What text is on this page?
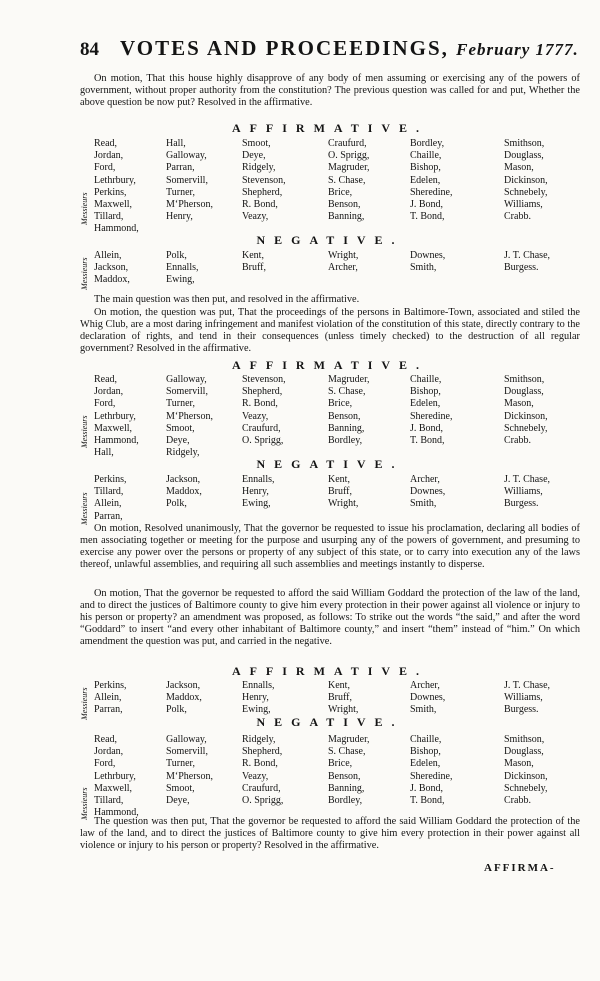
84 VOTES AND PROCEEDINGS, February 1777.

On motion, That this house highly disapprove of any body of men assuming or exercising any of the powers of government, without proper authority from the constitution? The previous question was called for and put, Whether the above question be now put? Resolved in the affirmative.

AFFIRMATIVE.
Messieurs
Read,
Jordan,
Ford,
Lethrbury,
Perkins,
Maxwell,
Tillard,
Hammond,
Hall,
Galloway,
Parran,
Somervill,
Turner,
M‘Pherson,
Henry,
Smoot,
Deye,
Ridgely,
Stevenson,
Shepherd,
R. Bond,
Veazy,
Craufurd,
O. Sprigg,
Magruder,
S. Chase,
Brice,
Benson,
Banning,
Bordley,
Chaille,
Bishop,
Edelen,
Sheredine,
J. Bond,
T. Bond,
Smithson,
Douglass,
Mason,
Dickinson,
Schnebely,
Williams,
Crabb.
NEGATIVE.
Messieurs
Allein,
Jackson,
Maddox,
Polk,
Ennalls,
Ewing,
Kent,
Bruff,
Wright,
Archer,
Downes,
Smith,
J. T. Chase,
Burgess.

The main question was then put, and resolved in the affirmative.

On motion, the question was put, That the proceedings of the persons in Baltimore-Town, associated and stiled the Whig Club, are a most daring infringement and manifest violation of the constitution of this state, directly contrary to the declaration of rights, and tend in their consequences (unless timely checked) to the destruction of all regular government? Resolved in the affirmative.

AFFIRMATIVE.
Messieurs
Read,
Jordan,
Ford,
Lethrbury,
Maxwell,
Hammond,
Hall,
Galloway,
Somervill,
Turner,
M‘Pherson,
Smoot,
Deye,
Ridgely,
Stevenson,
Shepherd,
R. Bond,
Veazy,
Craufurd,
O. Sprigg,
Magruder,
S. Chase,
Brice,
Benson,
Banning,
Bordley,
Chaille,
Bishop,
Edelen,
Sheredine,
J. Bond,
T. Bond,
Smithson,
Douglass,
Mason,
Dickinson,
Schnebely,
Crabb.
NEGATIVE.
Messieurs
Perkins,
Tillard,
Allein,
Parran,
Jackson,
Maddox,
Polk,
Ennalls,
Henry,
Ewing,
Kent,
Bruff,
Wright,
Archer,
Downes,
Smith,
J. T. Chase,
Williams,
Burgess.

On motion, Resolved unanimously, That the governor be requested to issue his proclamation, declaring all bodies of men associating together or meeting for the purpose and usurping any of the powers of government, and presuming to exercise any power over the persons or property of any subject of this state, or to carry into execution any of the laws thereof, unlawful assemblies, and requiring all such assemblies and meetings instantly to disperse.

On motion, That the governor be requested to afford the said William Goddard the protection of the law of the land, and to direct the justices of Baltimore county to give him every protection in their power against all violence or injury to his person or property? an amendment was proposed, as follows: To strike out the words “the said,” and after the word “Goddard” to insert “and every other inhabitant of Baltimore county,” and insert “them” instead of “him.” On which amendment the question was put, and carried in the negative.

AFFIRMATIVE.
Messieurs
Perkins,
Allein,
Parran,
Jackson,
Maddox,
Polk,
Ennalls,
Henry,
Ewing,
Kent,
Bruff,
Wright,
Archer,
Downes,
Smith,
J. T. Chase,
Williams,
Burgess.
NEGATIVE.
Messieurs
Read,
Jordan,
Ford,
Lethrbury,
Maxwell,
Tillard,
Hammond,
Galloway,
Somervill,
Turner,
M‘Pherson,
Smoot,
Deye,
Ridgely,
Shepherd,
R. Bond,
Veazy,
Craufurd,
O. Sprigg,
Magruder,
S. Chase,
Brice,
Benson,
Banning,
Bordley,
Chaille,
Bishop,
Edelen,
Sheredine,
J. Bond,
T. Bond,
Smithson,
Douglass,
Mason,
Dickinson,
Schnebely,
Crabb.

The question was then put, That the governor be requested to afford the said William Goddard the protection of the law of the land, and to direct the justices of Baltimore county to give him every protection in their power against all violence or injury to his person or property? Resolved in the affirmative.

AFFIRMA-
